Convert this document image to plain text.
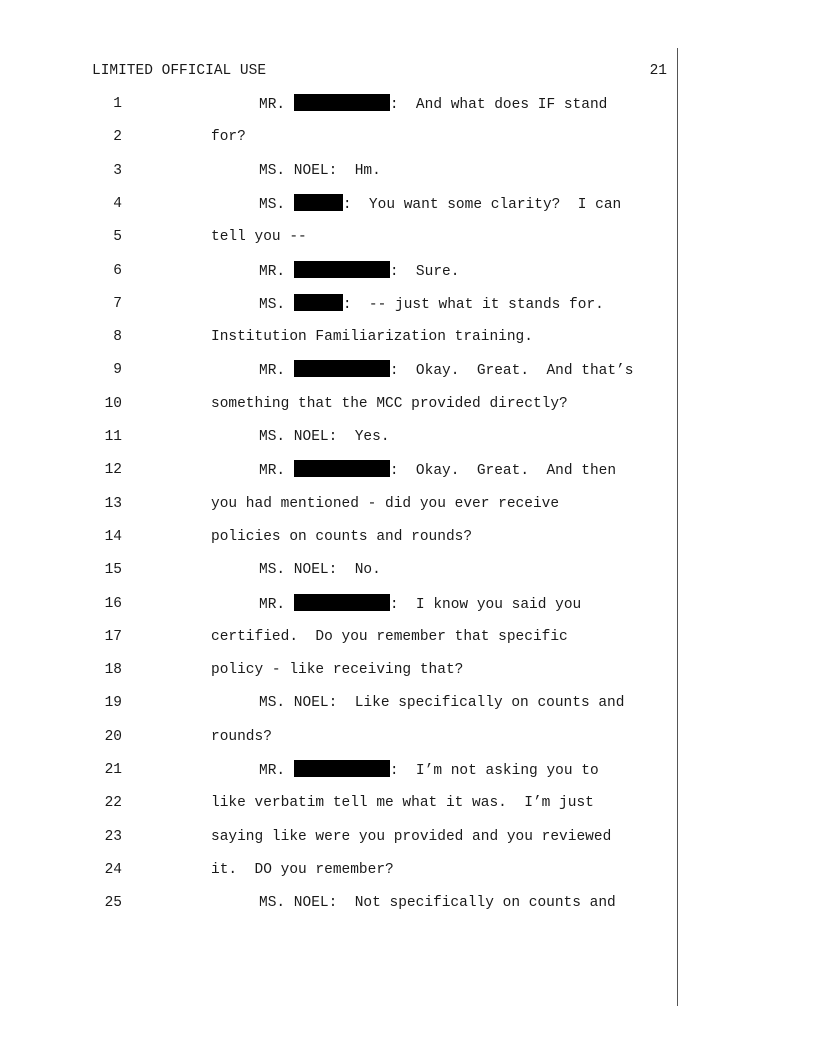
LIMITED OFFICIAL USE	21
1	MR.	:  And what does IF stand
2	for?
3	MS. NOEL:  Hm.
4	MS.	:  You want some clarity?  I can
5	tell you --
6	MR.	:  Sure.
7	MS.	:  -- just what it stands for.
8	Institution Familiarization training.
9	MR.	:  Okay.  Great.  And that’s
10	something that the MCC provided directly?
11	MS. NOEL:  Yes.
12	MR.	:  Okay.  Great.  And then
13	you had mentioned - did you ever receive
14	policies on counts and rounds?
15	MS. NOEL:  No.
16	MR.	:  I know you said you
17	certified.  Do you remember that specific
18	policy - like receiving that?
19	MS. NOEL:  Like specifically on counts and
20	rounds?
21	MR.	:  I’m not asking you to
22	like verbatim tell me what it was.  I’m just
23	saying like were you provided and you reviewed
24	it.  DO you remember?
25	MS. NOEL:  Not specifically on counts and
